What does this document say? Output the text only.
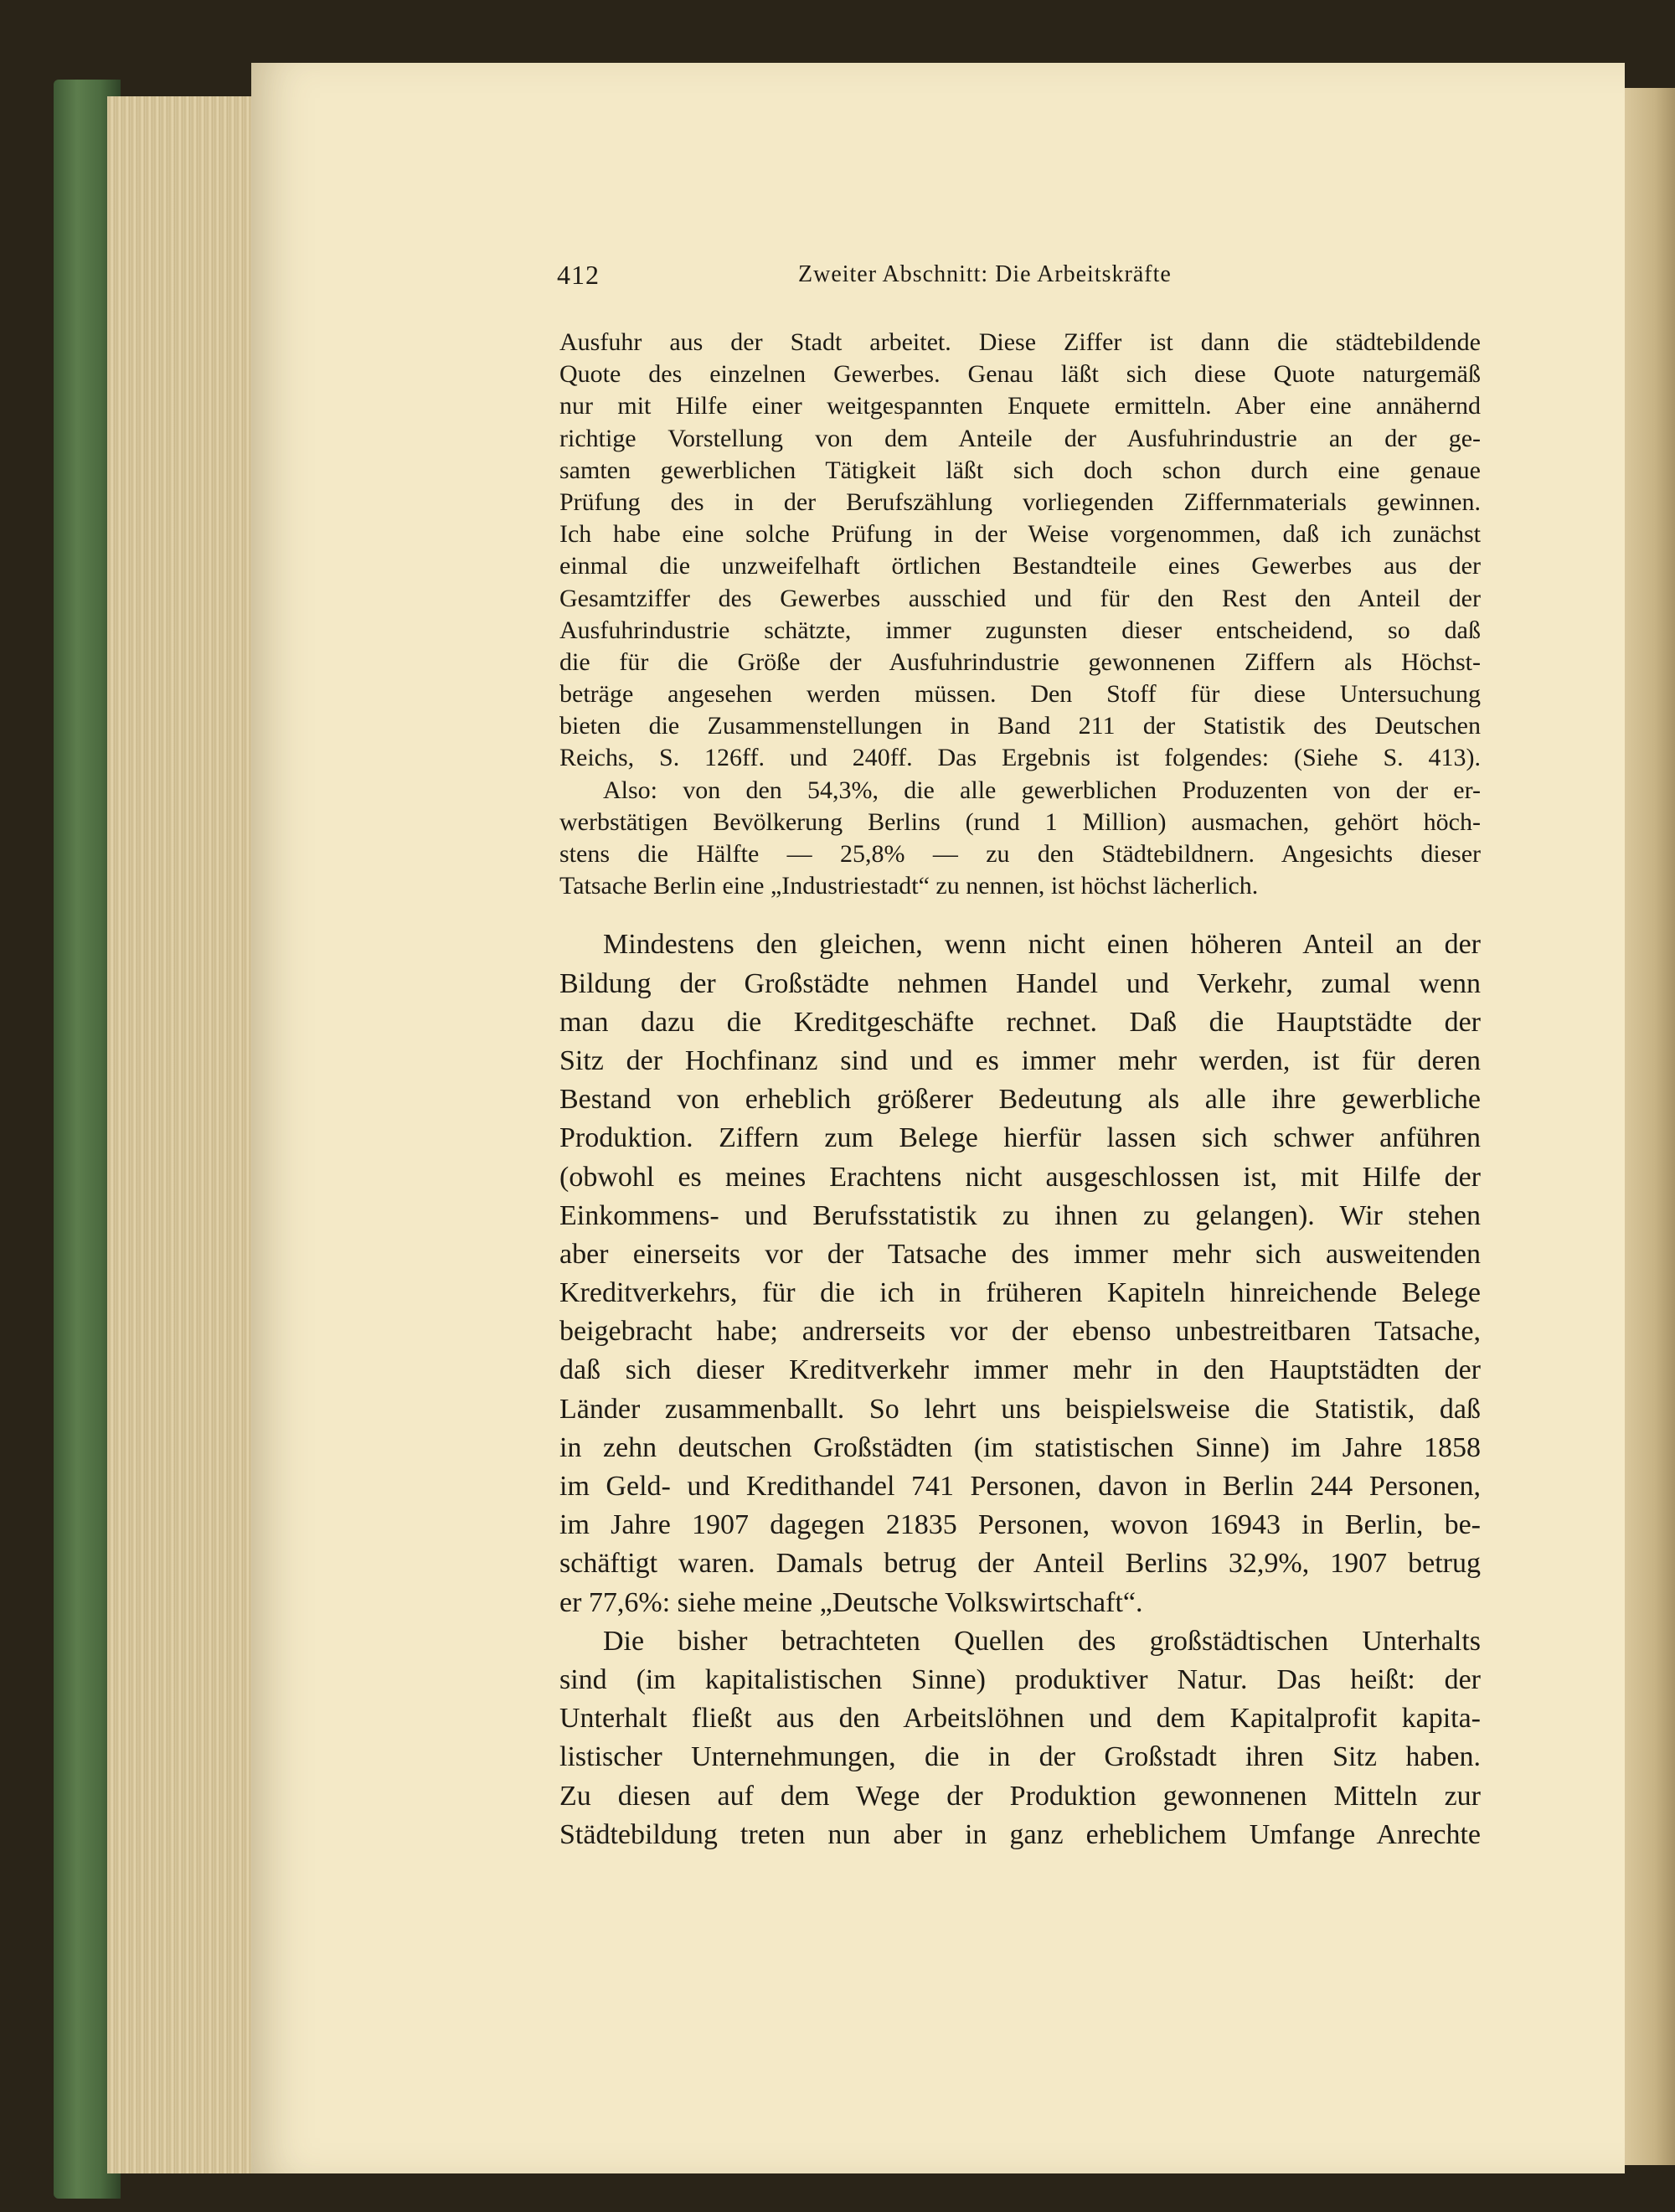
412	Zweiter Abschnitt: Die Arbeitskräfte
Ausfuhr aus der Stadt arbeitet. Diese Ziffer ist dann die städtebildende
Quote des einzelnen Gewerbes. Genau läßt sich diese Quote naturgemäß
nur mit Hilfe einer weitgespannten Enquete ermitteln. Aber eine annähernd
richtige Vorstellung von dem Anteile der Ausfuhrindustrie an der ge-
samten gewerblichen Tätigkeit läßt sich doch schon durch eine genaue
Prüfung des in der Berufszählung vorliegenden Ziffernmaterials gewinnen.
Ich habe eine solche Prüfung in der Weise vorgenommen, daß ich zunächst
einmal die unzweifelhaft örtlichen Bestandteile eines Gewerbes aus der
Gesamtziffer des Gewerbes ausschied und für den Rest den Anteil der
Ausfuhrindustrie schätzte, immer zugunsten dieser entscheidend, so daß
die für die Größe der Ausfuhrindustrie gewonnenen Ziffern als Höchst-
beträge angesehen werden müssen. Den Stoff für diese Untersuchung
bieten die Zusammenstellungen in Band 211 der Statistik des Deutschen
Reichs, S. 126ff. und 240ff. Das Ergebnis ist folgendes: (Siehe S. 413).
Also: von den 54,3%, die alle gewerblichen Produzenten von der er-
werbstätigen Bevölkerung Berlins (rund 1 Million) ausmachen, gehört höch-
stens die Hälfte — 25,8% — zu den Städtebildnern. Angesichts dieser
Tatsache Berlin eine „Industriestadt“ zu nennen, ist höchst lächerlich.
Mindestens den gleichen, wenn nicht einen höheren Anteil an der
Bildung der Großstädte nehmen Handel und Verkehr, zumal wenn
man dazu die Kreditgeschäfte rechnet. Daß die Hauptstädte der
Sitz der Hochfinanz sind und es immer mehr werden, ist für deren
Bestand von erheblich größerer Bedeutung als alle ihre gewerbliche
Produktion. Ziffern zum Belege hierfür lassen sich schwer anführen
(obwohl es meines Erachtens nicht ausgeschlossen ist, mit Hilfe der
Einkommens- und Berufsstatistik zu ihnen zu gelangen). Wir stehen
aber einerseits vor der Tatsache des immer mehr sich ausweitenden
Kreditverkehrs, für die ich in früheren Kapiteln hinreichende Belege
beigebracht habe; andrerseits vor der ebenso unbestreitbaren Tatsache,
daß sich dieser Kreditverkehr immer mehr in den Hauptstädten der
Länder zusammenballt. So lehrt uns beispielsweise die Statistik, daß
in zehn deutschen Großstädten (im statistischen Sinne) im Jahre 1858
im Geld- und Kredithandel 741 Personen, davon in Berlin 244 Personen,
im Jahre 1907 dagegen 21835 Personen, wovon 16943 in Berlin, be-
schäftigt waren. Damals betrug der Anteil Berlins 32,9%, 1907 betrug
er 77,6%: siehe meine „Deutsche Volkswirtschaft“.
Die bisher betrachteten Quellen des großstädtischen Unterhalts
sind (im kapitalistischen Sinne) produktiver Natur. Das heißt: der
Unterhalt fließt aus den Arbeitslöhnen und dem Kapitalprofit kapita-
listischer Unternehmungen, die in der Großstadt ihren Sitz haben.
Zu diesen auf dem Wege der Produktion gewonnenen Mitteln zur
Städtebildung treten nun aber in ganz erheblichem Umfange Anrechte
